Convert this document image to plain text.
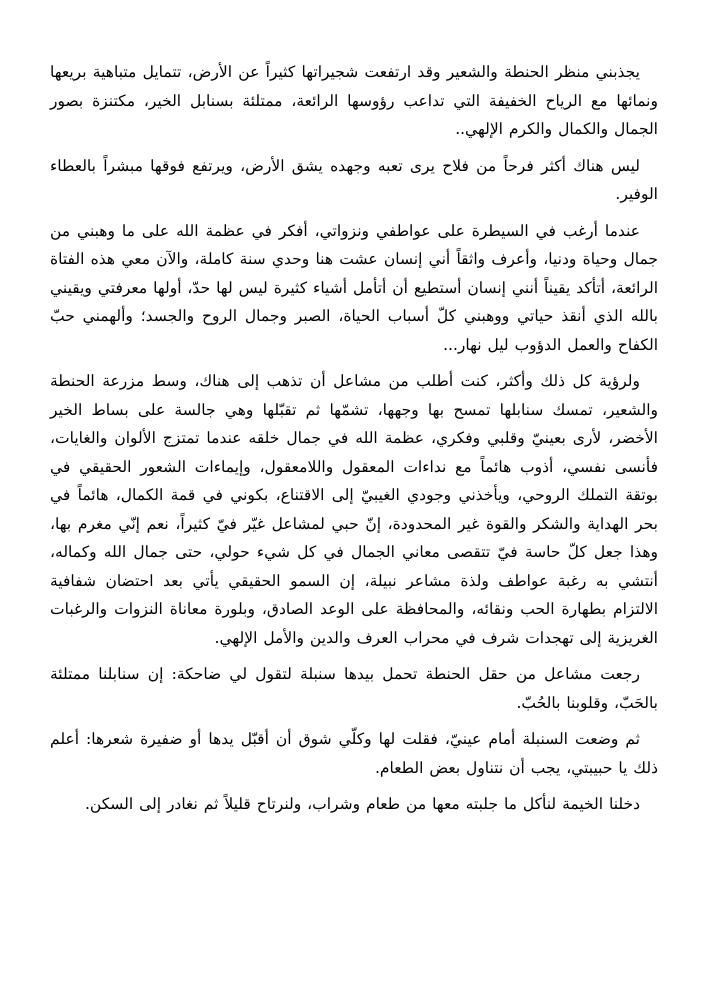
يجذبني منظر الحنطة والشعير وقد ارتفعت شجيراتها كثيراً عن الأرض، تتمايل متباهية بريعها ونمائها مع الرياح الخفيفة التي تداعب رؤوسها الرائعة، ممتلئة بسنابل الخير، مكتنزة بصور الجمال والكمال والكرم الإلهي..

ليس هناك أكثر فرحاً من فلاح يرى تعبه وجهده يشق الأرض، ويرتفع فوقها مبشراً بالعطاء الوفير.

عندما أرغب في السيطرة على عواطفي ونزواتي، أفكر في عظمة الله على ما وهبني من جمال وحياة ودنيا، وأعرف واثقاً أني إنسان عشت هنا وحدي سنة كاملة، والآن معي هذه الفتاة الرائعة، أتأكد يقيناً أنني إنسان أستطيع أن أتأمل أشياء كثيرة ليس لها حدّ، أولها معرفتي ويقيني بالله الذي أنقذ حياتي ووهبني كلّ أسباب الحياة، الصبر وجمال الروح والجسد؛ وألهمني حبّ الكفاح والعمل الدؤوب ليل نهار...

ولرؤية كل ذلك وأكثر، كنت أطلب من مشاعل أن تذهب إلى هناك، وسط مزرعة الحنطة والشعير، تمسك سنابلها تمسح بها وجهها، تشمّها ثم تقبّلها وهي جالسة على بساط الخير الأخضر، لأرى بعينيّ وقلبي وفكري، عظمة الله في جمال خلقه عندما تمتزج الألوان والغايات، فأنسى نفسي، أذوب هائماً مع نداءات المعقول واللامعقول، وإيماءات الشعور الحقيقي في بوتقة التملك الروحي، ويأخذني وجودي الغيبيّ إلى الاقتناع، بكوني في قمة الكمال، هائماً في بحر الهداية والشكر والقوة غير المحدودة، إنّ حبي لمشاعل غيّر فيّ كثيراً، نعم إنّي مغرم بها، وهذا جعل كلّ حاسة فيّ تتقصى معاني الجمال في كل شيء حولي، حتى جمال الله وكماله، أنتشي به رغبة عواطف ولذة مشاعر نبيلة، إن السمو الحقيقي يأتي بعد احتضان شفافية الالتزام بطهارة الحب ونقائه، والمحافظة على الوعد الصادق، وبلورة معاناة النزوات والرغبات الغريزية إلى تهجدات شرف في محراب العرف والدين والأمل الإلهي.

رجعت مشاعل من حقل الحنطة تحمل بيدها سنبلة لتقول لي ضاحكة: إن سنابلنا ممتلئة بالحَبّ، وقلوبنا بالحُبّ.

ثم وضعت السنبلة أمام عينيّ، فقلت لها وكلّي شوق أن أقبّل يدها أو ضفيرة شعرها: أعلم ذلك يا حبيبتي، يجب أن نتناول بعض الطعام.

دخلنا الخيمة لنأكل ما جلبته معها من طعام وشراب، ولنرتاح قليلاً ثم نغادر إلى السكن.
